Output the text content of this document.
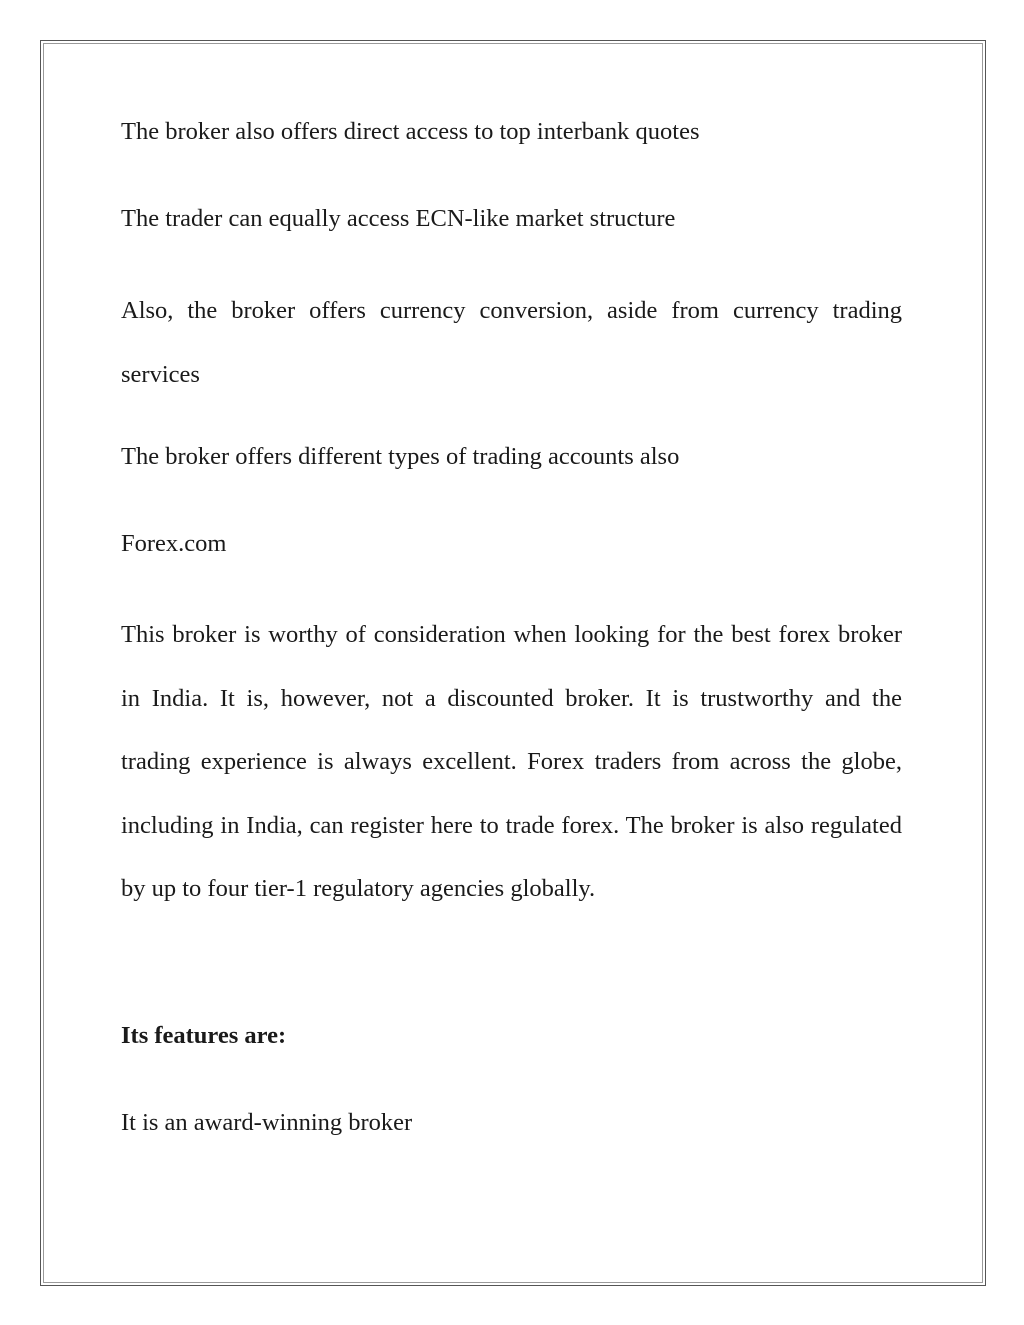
The broker also offers direct access to top interbank quotes

The trader can equally access ECN-like market structure

Also, the broker offers currency conversion, aside from currency trading services

The broker offers different types of trading accounts also

Forex.com

This broker is worthy of consideration when looking for the best forex broker in India. It is, however, not a discounted broker. It is trustworthy and the trading experience is always excellent. Forex traders from across the globe, including in India, can register here to trade forex. The broker is also regulated by up to four tier-1 regulatory agencies globally.

Its features are:

It is an award-winning broker
